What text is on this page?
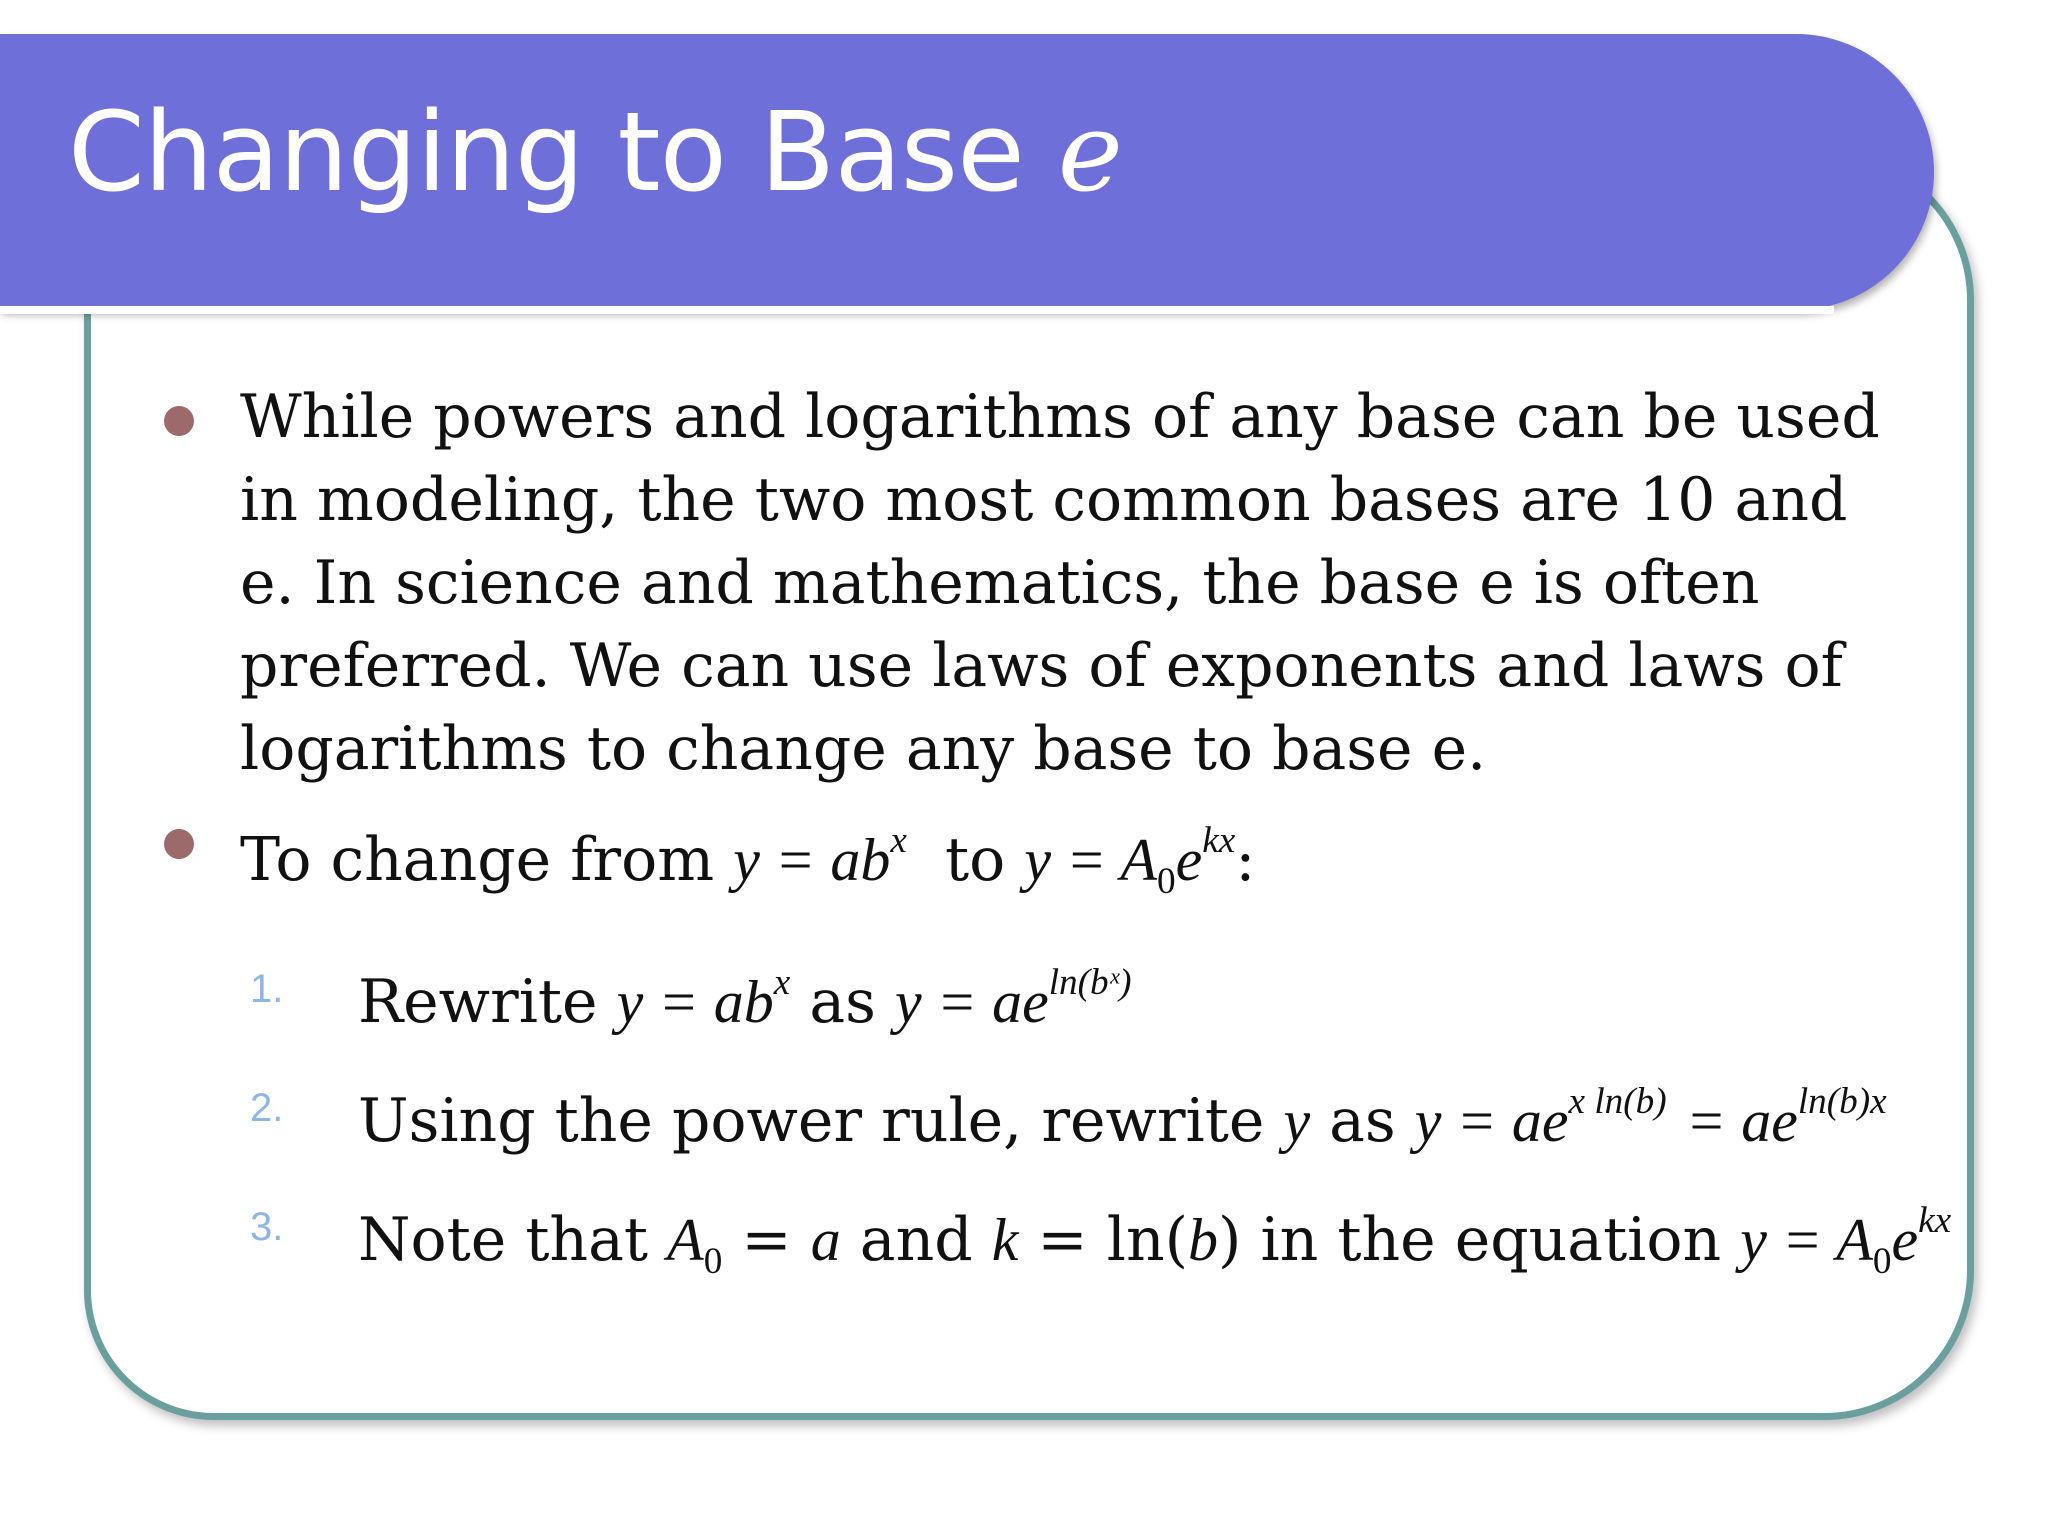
Changing to Base e
While powers and logarithms of any base can be used in modeling, the two most common bases are 10 and e. In science and mathematics, the base e is often preferred. We can use laws of exponents and laws of logarithms to change any base to base e.
To change from $y = ab^x$ to $y = A_0e^{kx}$:
1. Rewrite $y = ab^x$ as $y = ae^{ln(bˣ)}$
2. Using the power rule, rewrite y as $y = ae^{x ln(b)} = ae^{ln(b)x}$
3. Note that $A_0 = a$ and k = ln(b) in the equation $y = A_0e^{kx}$
